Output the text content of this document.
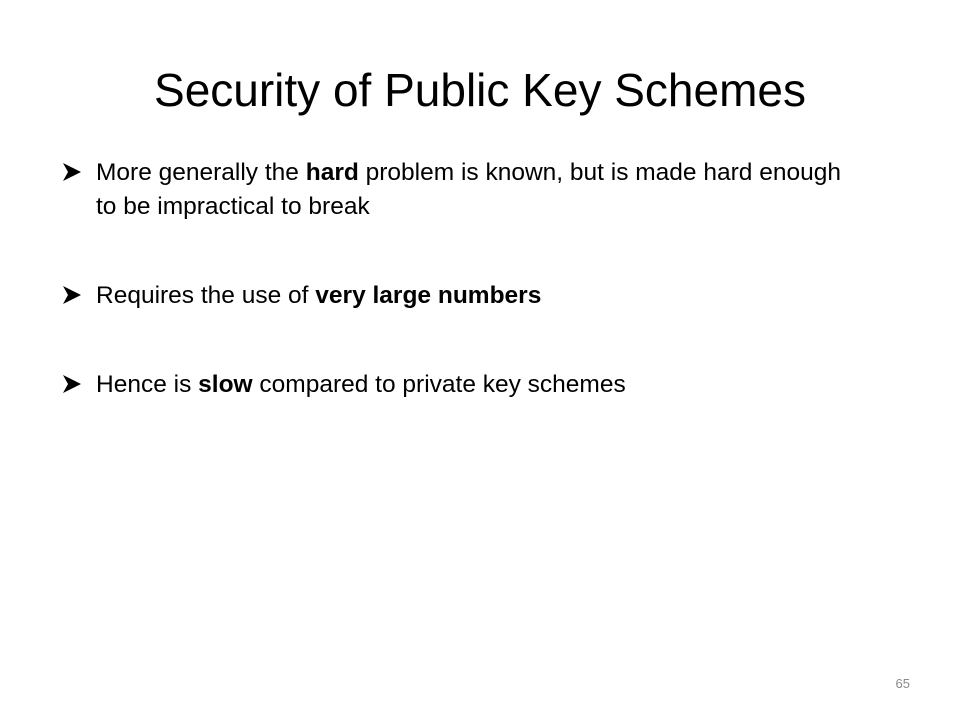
Security of Public Key Schemes
More generally the hard problem is known, but is made hard enough to be impractical to break
Requires the use of very large numbers
Hence is slow compared to private key schemes
65
